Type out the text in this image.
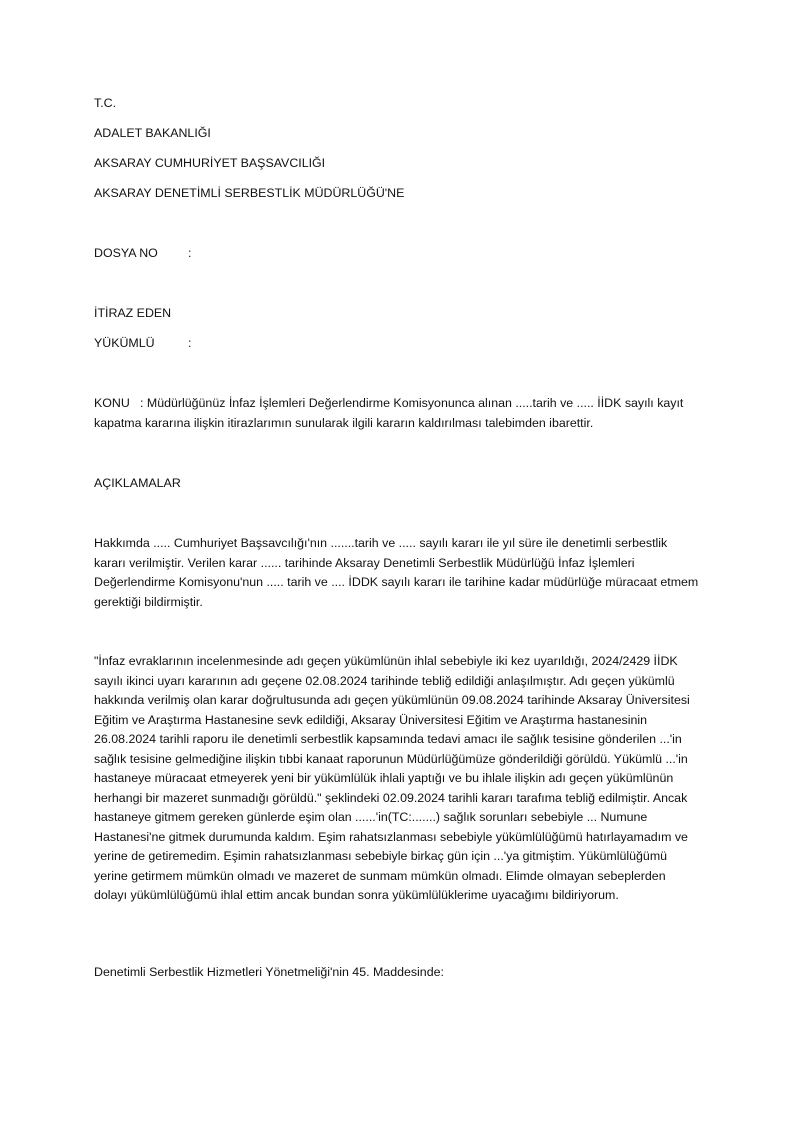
T.C.

ADALET BAKANLIĞI

AKSARAY CUMHURİYET BAŞSAVCILIĞI

AKSARAY DENETİMLİ SERBESTLİK MÜDÜRLÜĞÜ'NE

DOSYA NO :

İTİRAZ EDEN

YÜKÜMLÜ	:

KONU : Müdürlüğünüz İnfaz İşlemleri Değerlendirme Komisyonunca alınan .....tarih ve ..... İİDK sayılı kayıt kapatma kararına ilişkin itirazlarımın sunularak ilgili kararın kaldırılması talebimden ibarettir.

AÇIKLAMALAR

Hakkımda ..... Cumhuriyet Başsavcılığı'nın .......tarih ve ..... sayılı kararı ile yıl süre ile denetimli serbestlik kararı verilmiştir. Verilen karar ...... tarihinde Aksaray Denetimli Serbestlik Müdürlüğü İnfaz İşlemleri Değerlendirme Komisyonu'nun ..... tarih ve .... İDDK sayılı kararı ile tarihine kadar müdürlüğe müracaat etmem gerektiği bildirmiştir.

"İnfaz evraklarının incelenmesinde adı geçen yükümlünün ihlal sebebiyle iki kez uyarıldığı, 2024/2429 İİDK sayılı ikinci uyarı kararının adı geçene 02.08.2024 tarihinde tebliğ edildiği anlaşılmıştır. Adı geçen yükümlü hakkında verilmiş olan karar doğrultusunda adı geçen yükümlünün 09.08.2024 tarihinde Aksaray Üniversitesi Eğitim ve Araştırma Hastanesine sevk edildiği, Aksaray Üniversitesi Eğitim ve Araştırma hastanesinin 26.08.2024 tarihli raporu ile denetimli serbestlik kapsamında tedavi amacı ile sağlık tesisine gönderilen ...'in sağlık tesisine gelmediğine ilişkin tıbbi kanaat raporunun Müdürlüğümüze gönderildiği görüldü. Yükümlü ...'in hastaneye müracaat etmeyerek yeni bir yükümlülük ihlali yaptığı ve bu ihlale ilişkin adı geçen yükümlünün herhangi bir mazeret sunmadığı görüldü." şeklindeki 02.09.2024 tarihli kararı tarafıma tebliğ edilmiştir. Ancak hastaneye gitmem gereken günlerde eşim olan ......'in(TC:.......) sağlık sorunları sebebiyle ... Numune Hastanesi'ne gitmek durumunda kaldım. Eşim rahatsızlanması sebebiyle yükümlülüğümü hatırlayamadım ve yerine de getiremedim. Eşimin rahatsızlanması sebebiyle birkaç gün için ...'ya gitmiştim. Yükümlülüğümü yerine getirmem mümkün olmadı ve mazeret de sunmam mümkün olmadı. Elimde olmayan sebeplerden dolayı yükümlülüğümü ihlal ettim ancak bundan sonra yükümlülüklerime uyacağımı bildiriyorum.

Denetimli Serbestlik Hizmetleri Yönetmeliği'nin 45. Maddesinde:
